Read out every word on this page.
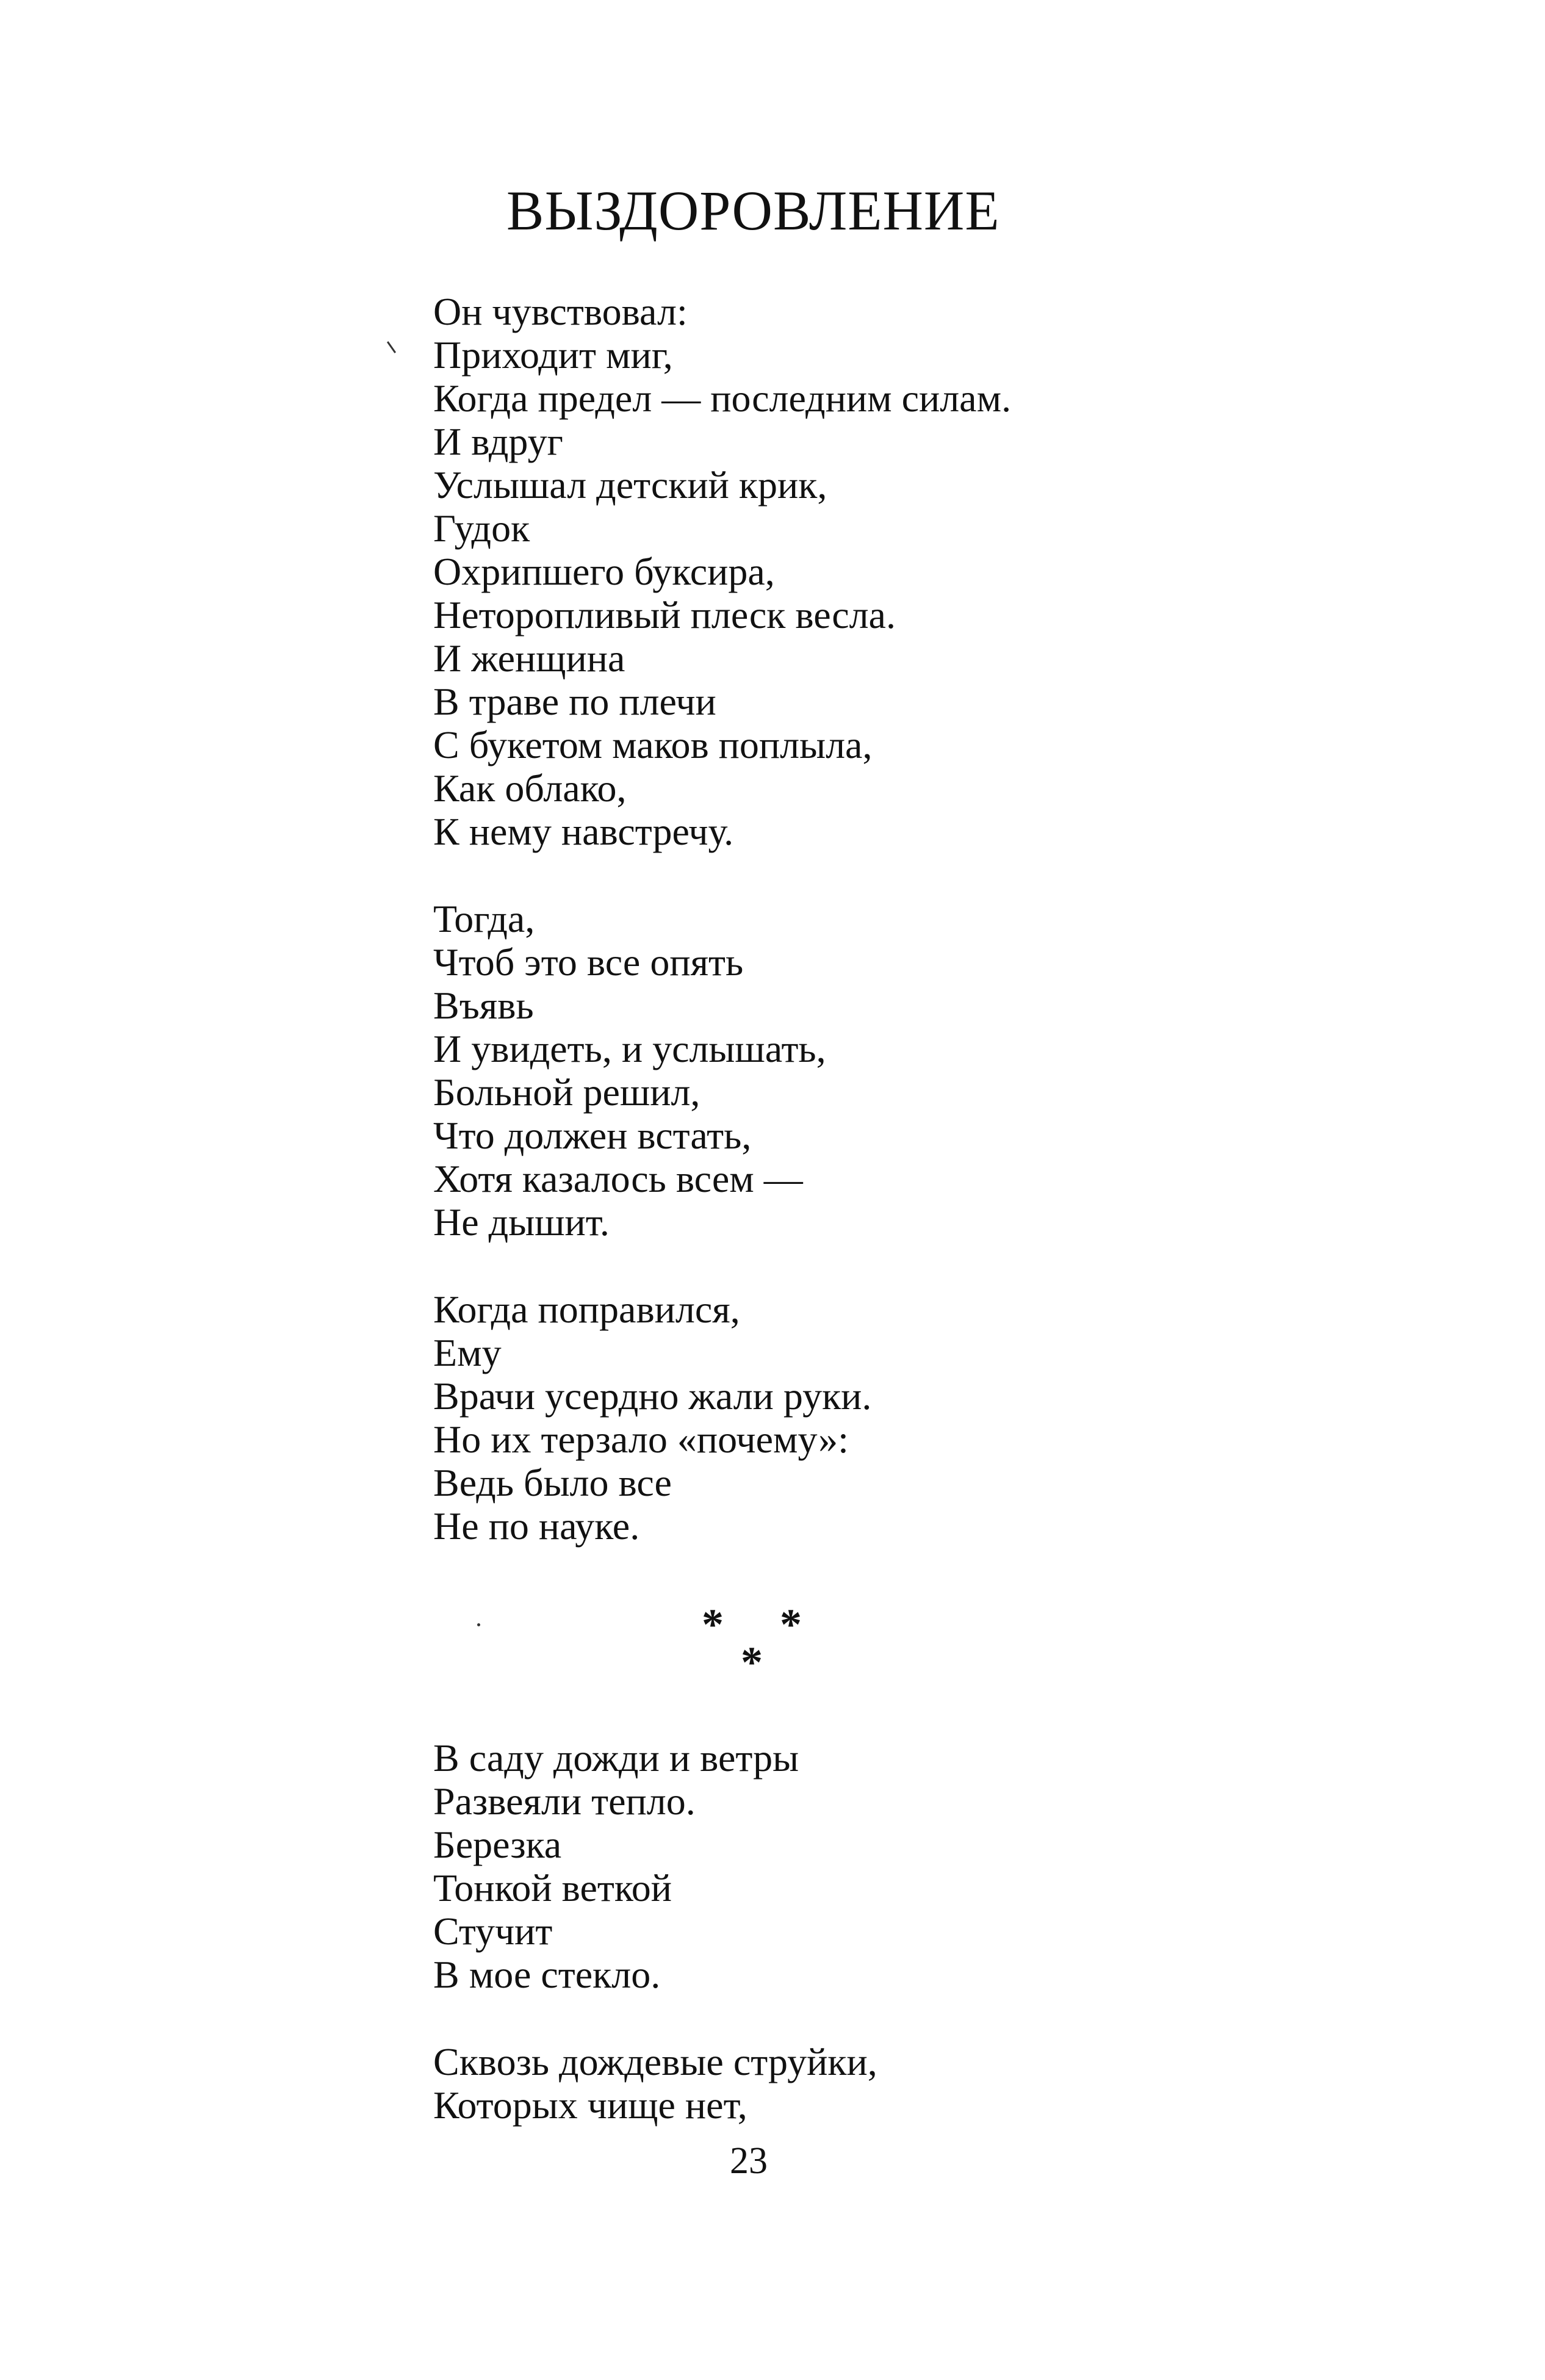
ВЫЗДОРОВЛЕНИЕ
Он чувствовал:
Приходит миг,
Когда предел — последним силам.
И вдруг
Услышал детский крик,
Гудок
Охрипшего буксира,
Неторопливый плеск весла.
И женщина
В траве по плечи
С букетом маков поплыла,
Как облако,
К нему навстречу.
Тогда,
Чтоб это все опять
Въявь
И увидеть, и услышать,
Больной решил,
Что должен встать,
Хотя казалось всем —
Не дышит.
Когда поправился,
Ему
Врачи усердно жали руки.
Но их терзало «почему»:
Ведь было все
Не по науке.
* *
*
В саду дожди и ветры
Развеяли тепло.
Березка
Тонкой веткой
Стучит
В мое стекло.
Сквозь дождевые струйки,
Которых чище нет,
23
